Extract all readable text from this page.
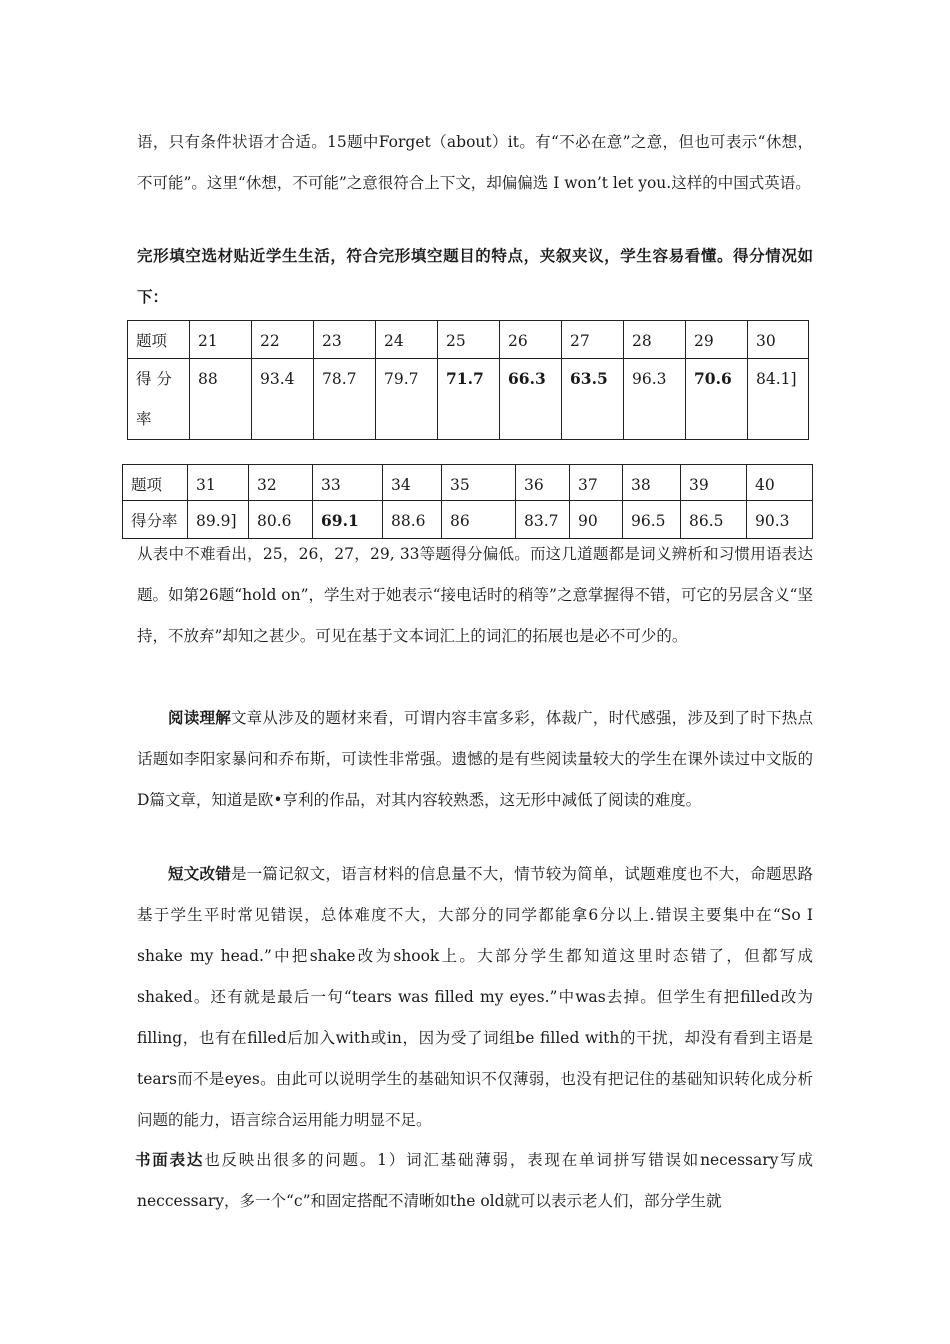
语，只有条件状语才合适。15题中Forget（about）it。有“不必在意”之意，但也可表示“休想，不可能”。这里“休想，不可能”之意很符合上下文，却偏偏选 I won’t let you.这样的中国式英语。

完形填空选材贴近学生生活，符合完形填空题目的特点，夹叙夹议，学生容易看懂。得分情况如下：

题项	21	22	23	24	25	26	27	28	29	30
得 分率	88	93.4	78.7	79.7	71.7	66.3	63.5	96.3	70.6	84.1]
题项	31	32	33	34	35	36	37	38	39	40
得分率	89.9]	80.6	69.1	88.6	86	83.7	90	96.5	86.5	90.3

从表中不难看出，25，26，27，29, 33等题得分偏低。而这几道题都是词义辨析和习惯用语表达题。如第26题“hold on”，学生对于她表示“接电话时的稍等”之意掌握得不错，可它的另层含义“坚持，不放弃”却知之甚少。可见在基于文本词汇上的词汇的拓展也是必不可少的。

阅读理解文章从涉及的题材来看，可谓内容丰富多彩，体裁广，时代感强，涉及到了时下热点话题如李阳家暴问和乔布斯，可读性非常强。遗憾的是有些阅读量较大的学生在课外读过中文版的D篇文章，知道是欧•亨利的作品，对其内容较熟悉，这无形中减低了阅读的难度。

短文改错是一篇记叙文，语言材料的信息量不大，情节较为简单，试题难度也不大，命题思路基于学生平时常见错误，总体难度不大，大部分的同学都能拿6分以上.错误主要集中在“So I shake my head.”中把shake改为shook上。大部分学生都知道这里时态错了，但都写成shaked。还有就是最后一句“tears was filled my eyes.”中was去掉。但学生有把filled改为filling，也有在filled后加入with或in，因为受了词组be filled with的干扰，却没有看到主语是tears而不是eyes。由此可以说明学生的基础知识不仅薄弱，也没有把记住的基础知识转化成分析问题的能力，语言综合运用能力明显不足。

书面表达也反映出很多的问题。1）词汇基础薄弱，表现在单词拼写错误如necessary写成neccessary，多一个“c”和固定搭配不清晰如the old就可以表示老人们，部分学生就
